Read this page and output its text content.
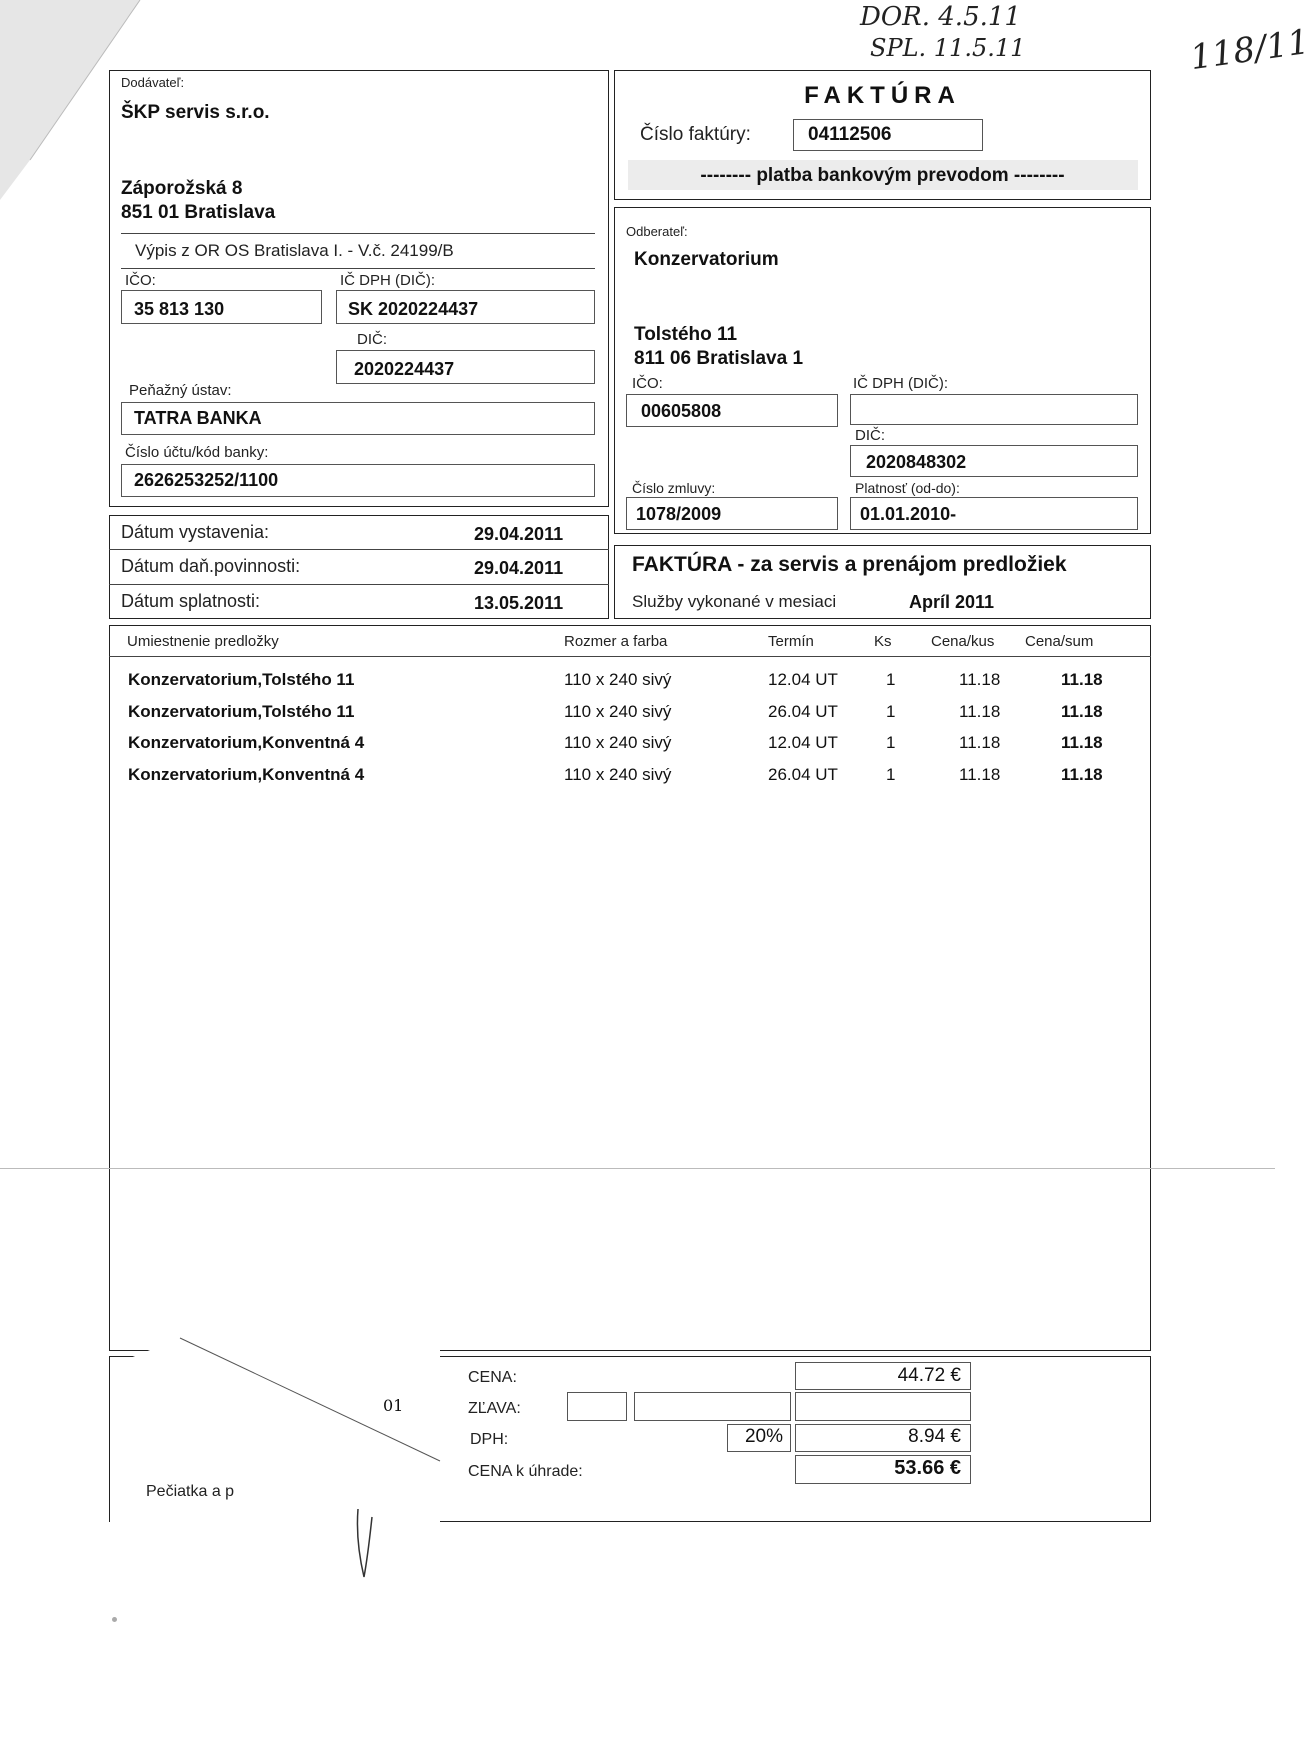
DOR. 4.5.11
SPL. 11.5.11	118/11
Dodávateľ:
ŠKP servis s.r.o.
Záporožská 8
851 01 Bratislava
Výpis z OR OS Bratislava I. - V.č. 24199/B
IČO:
35 813 130
IČ DPH (DIČ):
SK 2020224437
DIČ:
2020224437
Peňažný ústav:
TATRA BANKA
Číslo účtu/kód banky:
2626253252/1100
FAKTÚRA
Číslo faktúry:	04112506
-------- platba bankovým prevodom --------
Odberateľ:
Konzervatorium
Tolstého 11
811 06 Bratislava 1
IČO:
00605808
IČ DPH (DIČ):
DIČ:
2020848302
Číslo zmluvy:
1078/2009
Platnosť (od-do):
01.01.2010-
Dátum vystavenia:	29.04.2011
Dátum daň.povinnosti:	29.04.2011
Dátum splatnosti:	13.05.2011
FAKTÚRA - za servis a prenájom predložiek
Služby vykonané v mesiaci	Apríl 2011
Umiestnenie predložky	Rozmer a farba	Termín	Ks	Cena/kus Cena/sum
Konzervatorium,Tolstého 11	110 x 240 sivý	12.04 UT	1	11.18	11.18
Konzervatorium,Tolstého 11	110 x 240 sivý	26.04 UT	1	11.18	11.18
Konzervatorium,Konventná 4	110 x 240 sivý	12.04 UT	1	11.18	11.18
Konzervatorium,Konventná 4	110 x 240 sivý	26.04 UT	1	11.18	11.18
CENA:	44.72 €
01	ZĽAVA:
DPH:	20%	8.94 €
CENA k úhrade:	53.66 €
Pečiatka a p
